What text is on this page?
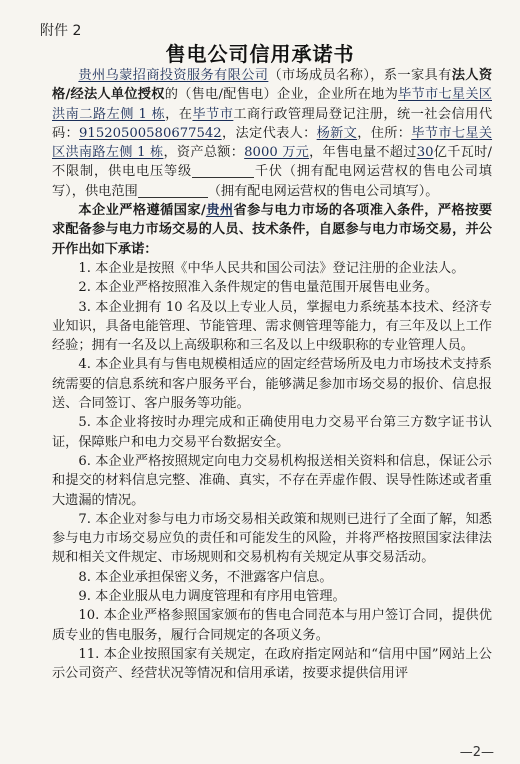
附件 2
售电公司信用承诺书

贵州乌蒙招商投资服务有限公司（市场成员名称），系一家具有法人资格/经法人单位授权的（售电/配售电）企业，企业所在地为毕节市七星关区洪南二路左侧 1 栋，在毕节市工商行政管理局登记注册，统一社会信用代码：91520500580677542，法定代表人：杨新文，住所：毕节市七星关区洪南路左侧 1 栋，资产总额：8000 万元，年售电量不超过30亿千瓦时/不限制，供电电压等级	千伏（拥有配电网运营权的售电公司填写），供电范围	（拥有配电网运营权的售电公司填写）。

本企业严格遵循国家/贵州省参与电力市场的各项准入条件，严格按要求配备参与电力市场交易的人员、技术条件，自愿参与电力市场交易，并公开作出如下承诺：

1. 本企业是按照《中华人民共和国公司法》登记注册的企业法人。

2. 本企业严格按照准入条件规定的售电量范围开展售电业务。

3. 本企业拥有 10 名及以上专业人员，掌握电力系统基本技术、经济专业知识，具备电能管理、节能管理、需求侧管理等能力，有三年及以上工作经验；拥有一名及以上高级职称和三名及以上中级职称的专业管理人员。

4. 本企业具有与售电规模相适应的固定经营场所及电力市场技术支持系统需要的信息系统和客户服务平台，能够满足参加市场交易的报价、信息报送、合同签订、客户服务等功能。

5. 本企业将按时办理完成和正确使用电力交易平台第三方数字证书认证，保障账户和电力交易平台数据安全。

6. 本企业严格按照规定向电力交易机构报送相关资料和信息，保证公示和提交的材料信息完整、准确、真实，不存在弄虚作假、误导性陈述或者重大遗漏的情况。

7. 本企业对参与电力市场交易相关政策和规则已进行了全面了解，知悉参与电力市场交易应负的责任和可能发生的风险，并将严格按照国家法律法规和相关文件规定、市场规则和交易机构有关规定从事交易活动。

8. 本企业承担保密义务，不泄露客户信息。

9. 本企业服从电力调度管理和有序用电管理。

10. 本企业严格参照国家颁布的售电合同范本与用户签订合同，提供优质专业的售电服务，履行合同规定的各项义务。

11. 本企业按照国家有关规定，在政府指定网站和“信用中国”网站上公示公司资产、经营状况等情况和信用承诺，按要求提供信用评

—2—
